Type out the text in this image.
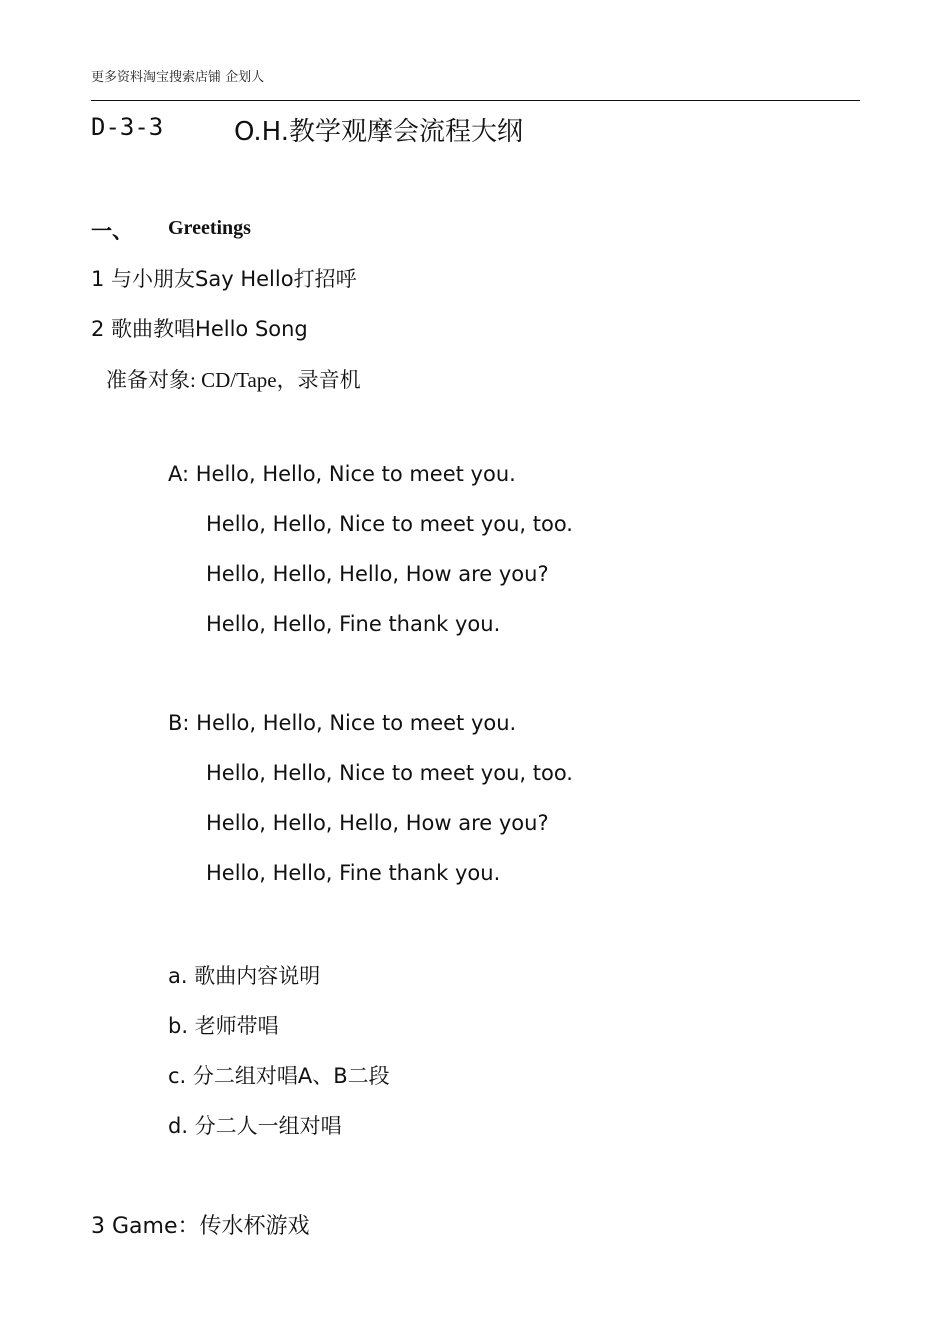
更多资料淘宝搜索店铺 企划人
D-3-3	O.H.教学观摩会流程大纲
一、 Greetings
1 与小朋友Say Hello打招呼
2 歌曲教唱Hello Song
准备对象: CD/Tape，录音机
A: Hello, Hello, Nice to meet you.
Hello, Hello, Nice to meet you, too.
Hello, Hello, Hello, How are you?
Hello, Hello, Fine thank you.
B: Hello, Hello, Nice to meet you.
Hello, Hello, Nice to meet you, too.
Hello, Hello, Hello, How are you?
Hello, Hello, Fine thank you.
a. 歌曲内容说明
b. 老师带唱
c. 分二组对唱A、B二段
d. 分二人一组对唱
3 Game：传水杯游戏
